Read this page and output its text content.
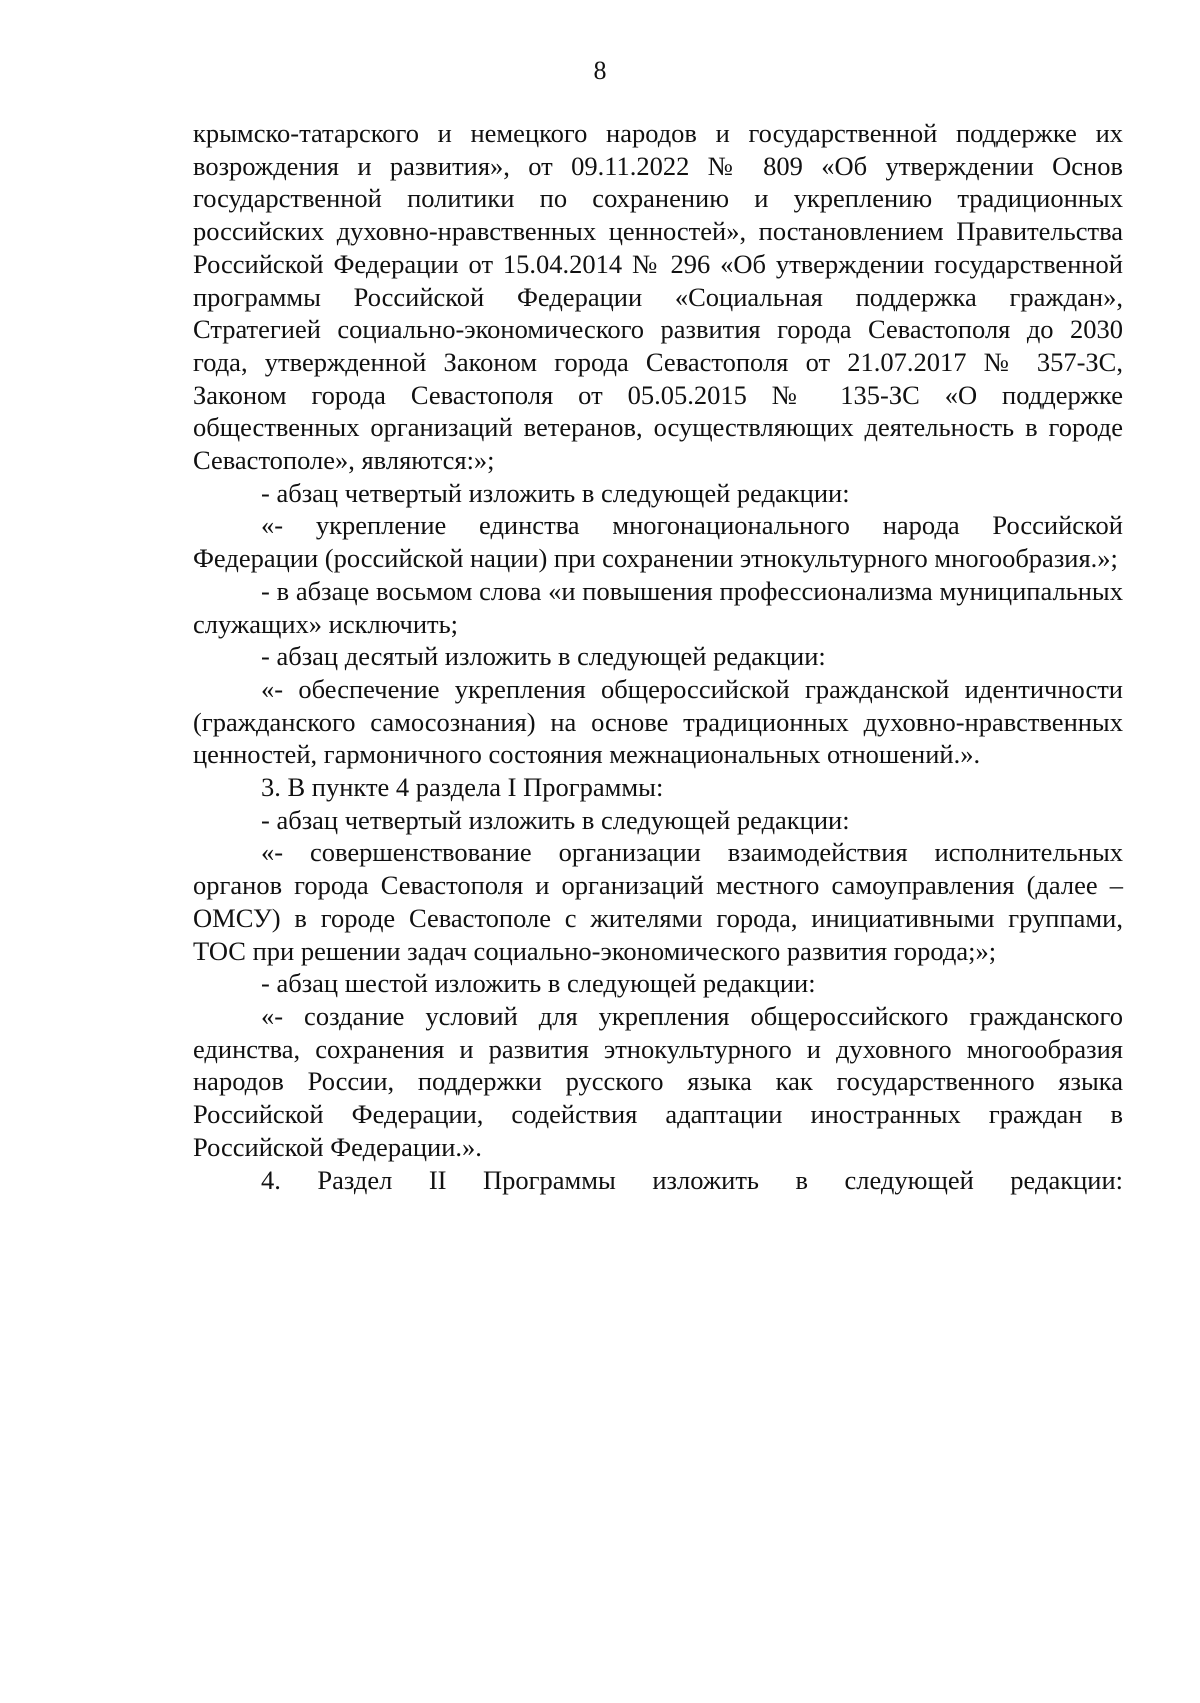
8

крымско-татарского и немецкого народов и государственной поддержке их возрождения и развития», от 09.11.2022 № 809 «Об утверждении Основ государственной политики по сохранению и укреплению традиционных российских духовно-нравственных ценностей», постановлением Правительства Российской Федерации от 15.04.2014 № 296 «Об утверждении государственной программы Российской Федерации «Социальная поддержка граждан», Стратегией социально-экономического развития города Севастополя до 2030 года, утвержденной Законом города Севастополя от 21.07.2017 № 357-ЗС, Законом города Севастополя от 05.05.2015 № 135-ЗС «О поддержке общественных организаций ветеранов, осуществляющих деятельность в городе Севастополе», являются:»;

- абзац четвертый изложить в следующей редакции:

«- укрепление единства многонационального народа Российской Федерации (российской нации) при сохранении этнокультурного многообразия.»;

- в абзаце восьмом слова «и повышения профессионализма муниципальных служащих» исключить;

- абзац десятый изложить в следующей редакции:

«- обеспечение укрепления общероссийской гражданской идентичности (гражданского самосознания) на основе традиционных духовно-нравственных ценностей, гармоничного состояния межнациональных отношений.».

3. В пункте 4 раздела I Программы:

- абзац четвертый изложить в следующей редакции:

«- совершенствование организации взаимодействия исполнительных органов города Севастополя и организаций местного самоуправления (далее – ОМСУ) в городе Севастополе с жителями города, инициативными группами, ТОС при решении задач социально-экономического развития города;»;

- абзац шестой изложить в следующей редакции:

«- создание условий для укрепления общероссийского гражданского единства, сохранения и развития этнокультурного и духовного многообразия народов России, поддержки русского языка как государственного языка Российской Федерации, содействия адаптации иностранных граждан в Российской Федерации.».

4. Раздел II Программы изложить в следующей редакции:
